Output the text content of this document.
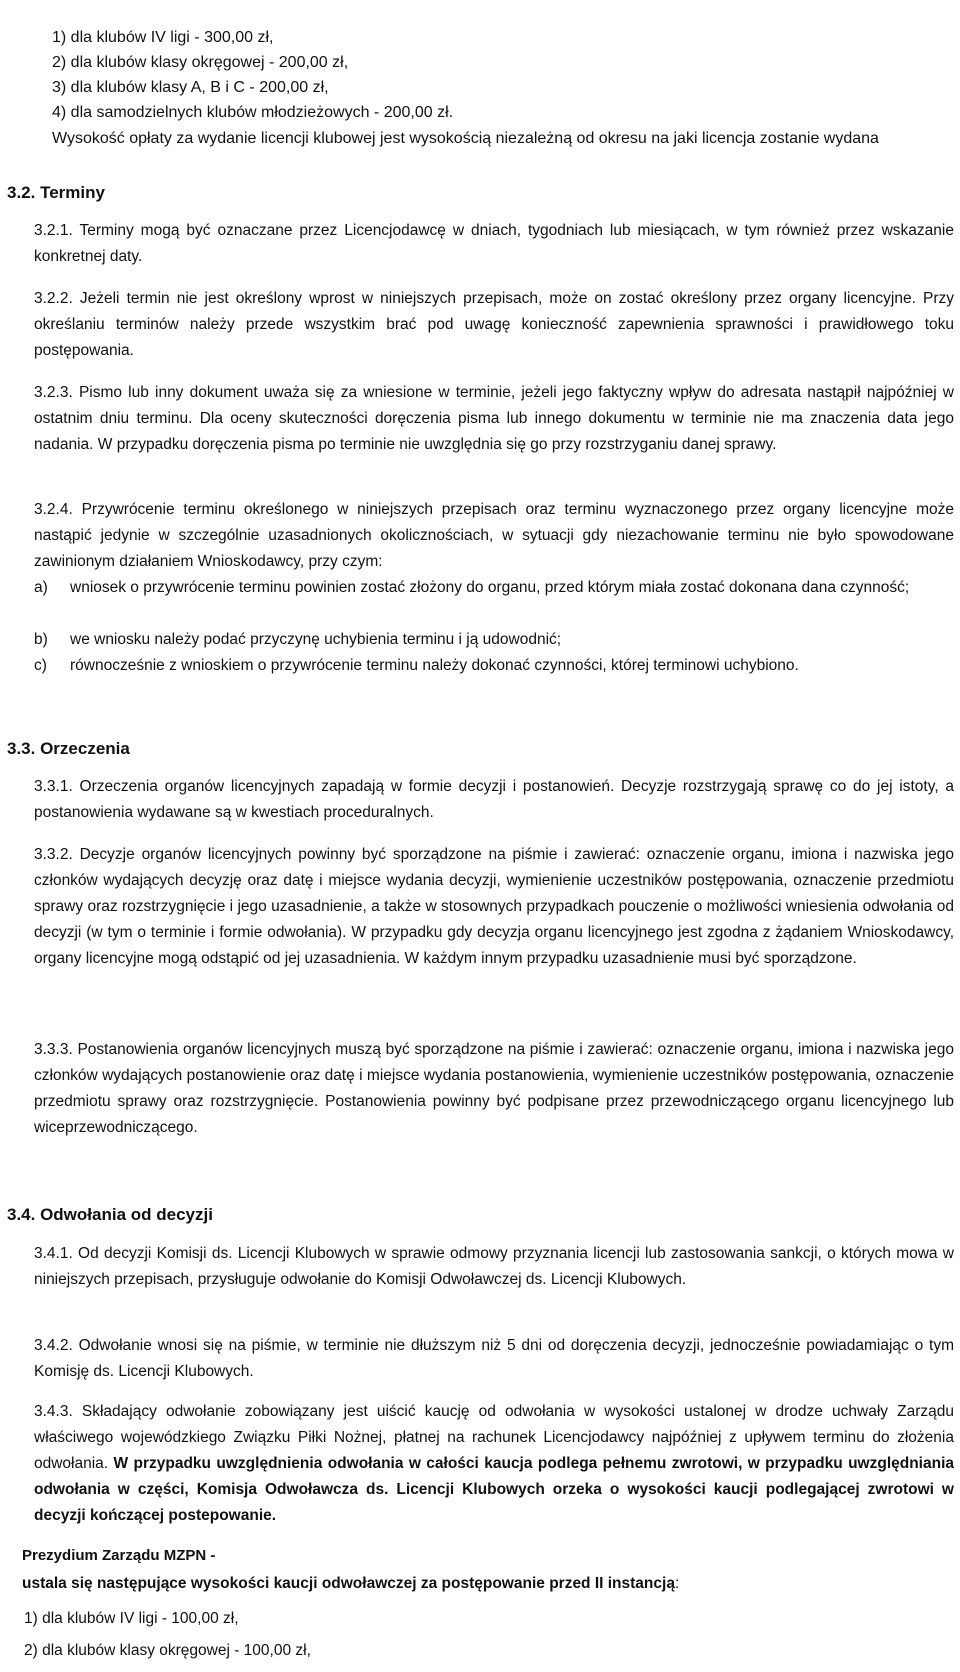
1) dla klubów IV ligi - 300,00 zł,
2) dla klubów klasy okręgowej - 200,00 zł,
3) dla klubów klasy A, B i C - 200,00 zł,
4) dla samodzielnych klubów młodzieżowych - 200,00 zł.
Wysokość opłaty za wydanie licencji klubowej jest wysokością niezależną od okresu na jaki licencja zostanie wydana
3.2. Terminy
3.2.1. Terminy mogą być oznaczane przez Licencjodawcę w dniach, tygodniach lub miesiącach, w tym również przez wskazanie konkretnej daty.
3.2.2. Jeżeli termin nie jest określony wprost w niniejszych przepisach, może on zostać określony przez organy licencyjne. Przy określaniu terminów należy przede wszystkim brać pod uwagę konieczność zapewnienia sprawności i prawidłowego toku postępowania.
3.2.3. Pismo lub inny dokument uważa się za wniesione w terminie, jeżeli jego faktyczny wpływ do adresata nastąpił najpóźniej w ostatnim dniu terminu. Dla oceny skuteczności doręczenia pisma lub innego dokumentu w terminie nie ma znaczenia data jego nadania. W przypadku doręczenia pisma po terminie nie uwzględnia się go przy rozstrzyganiu danej sprawy.
3.2.4. Przywrócenie terminu określonego w niniejszych przepisach oraz terminu wyznaczonego przez organy licencyjne może nastąpić jedynie w szczególnie uzasadnionych okolicznościach, w sytuacji gdy niezachowanie terminu nie było spowodowane zawinionym działaniem Wnioskodawcy, przy czym:
a) wniosek o przywrócenie terminu powinien zostać złożony do organu, przed którym miała zostać dokonana dana czynność;
b) we wniosku należy podać przyczynę uchybienia terminu i ją udowodnić;
c) równocześnie z wnioskiem o przywrócenie terminu należy dokonać czynności, której terminowi uchybiono.
3.3. Orzeczenia
3.3.1. Orzeczenia organów licencyjnych zapadają w formie decyzji i postanowień. Decyzje rozstrzygają sprawę co do jej istoty, a postanowienia wydawane są w kwestiach proceduralnych.
3.3.2. Decyzje organów licencyjnych powinny być sporządzone na piśmie i zawierać: oznaczenie organu, imiona i nazwiska jego członków wydających decyzję oraz datę i miejsce wydania decyzji, wymienienie uczestników postępowania, oznaczenie przedmiotu sprawy oraz rozstrzygnięcie i jego uzasadnienie, a także w stosownych przypadkach pouczenie o możliwości wniesienia odwołania od decyzji (w tym o terminie i formie odwołania). W przypadku gdy decyzja organu licencyjnego jest zgodna z żądaniem Wnioskodawcy, organy licencyjne mogą odstąpić od jej uzasadnienia. W każdym innym przypadku uzasadnienie musi być sporządzone.
3.3.3. Postanowienia organów licencyjnych muszą być sporządzone na piśmie i zawierać: oznaczenie organu, imiona i nazwiska jego członków wydających postanowienie oraz datę i miejsce wydania postanowienia, wymienienie uczestników postępowania, oznaczenie przedmiotu sprawy oraz rozstrzygnięcie. Postanowienia powinny być podpisane przez przewodniczącego organu licencyjnego lub wiceprzewodniczącego.
3.4. Odwołania od decyzji
3.4.1. Od decyzji Komisji ds. Licencji Klubowych w sprawie odmowy przyznania licencji lub zastosowania sankcji, o których mowa w niniejszych przepisach, przysługuje odwołanie do Komisji Odwoławczej ds. Licencji Klubowych.
3.4.2. Odwołanie wnosi się na piśmie, w terminie nie dłuższym niż 5 dni od doręczenia decyzji, jednocześnie powiadamiając o tym Komisję ds. Licencji Klubowych.
3.4.3. Składający odwołanie zobowiązany jest uiścić kaucję od odwołania w wysokości ustalonej w drodze uchwały Zarządu właściwego wojewódzkiego Związku Piłki Nożnej, płatnej na rachunek Licencjodawcy najpóźniej z upływem terminu do złożenia odwołania. W przypadku uwzględnienia odwołania w całości kaucja podlega pełnemu zwrotowi, w przypadku uwzględniania odwołania w części, Komisja Odwoławcza ds. Licencji Klubowych orzeka o wysokości kaucji podlegającej zwrotowi w decyzji kończącej postepowanie.
Prezydium Zarządu MZPN -
ustala się następujące wysokości kaucji odwoławczej za postępowanie przed II instancją:
1) dla klubów IV ligi - 100,00 zł,
2) dla klubów klasy okręgowej - 100,00 zł,
